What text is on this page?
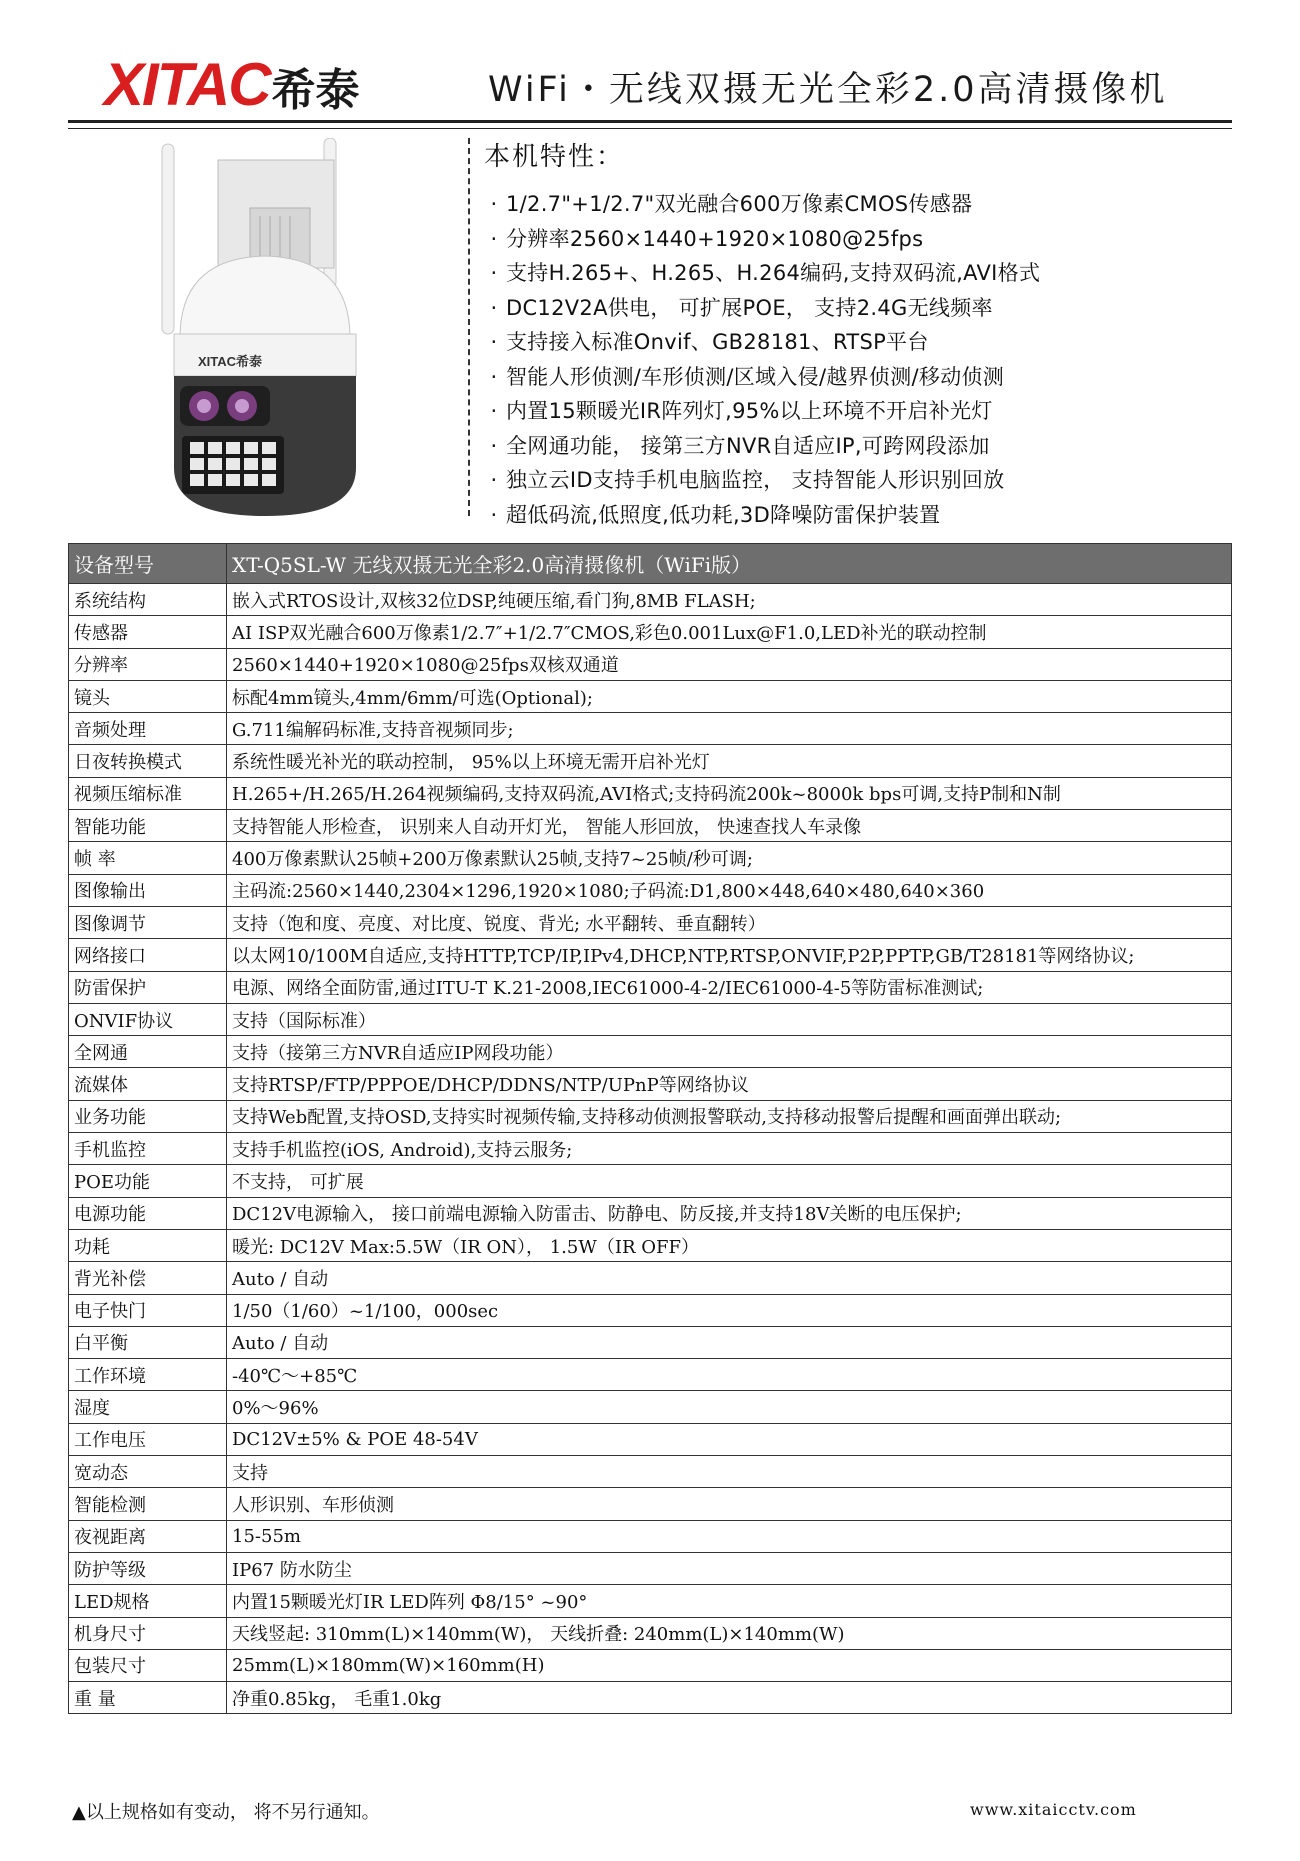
XITAC 希泰	WiFi・无线双摄无光全彩2.0高清摄像机
XITAC希泰
本机特性：
· 1/2.7"+1/2.7"双光融合600万像素CMOS传感器
· 分辨率2560×1440+1920×1080@25fps
· 支持H.265+、H.265、H.264编码,支持双码流,AVI格式
· DC12V2A供电， 可扩展POE， 支持2.4G无线频率
· 支持接入标准Onvif、GB28181、RTSP平台
· 智能人形侦测/车形侦测/区域入侵/越界侦测/移动侦测
· 内置15颗暖光IR阵列灯,95%以上环境不开启补光灯
· 全网通功能， 接第三方NVR自适应IP,可跨网段添加
· 独立云ID支持手机电脑监控， 支持智能人形识别回放
· 超低码流,低照度,低功耗,3D降噪防雷保护装置
设备型号	XT-Q5SL-W 无线双摄无光全彩2.0高清摄像机（WiFi版）
系统结构	嵌入式RTOS设计,双核32位DSP,纯硬压缩,看门狗,8MB FLASH;
传感器	AI ISP双光融合600万像素1/2.7″+1/2.7″CMOS,彩色0.001Lux@F1.0,LED补光的联动控制
分辨率	2560×1440+1920×1080@25fps双核双通道
镜头	标配4mm镜头,4mm/6mm/可选(Optional);
音频处理	G.711编解码标准,支持音视频同步;
日夜转换模式	系统性暖光补光的联动控制， 95%以上环境无需开启补光灯
视频压缩标准	H.265+/H.265/H.264视频编码,支持双码流,AVI格式;支持码流200k~8000k bps可调,支持P制和N制
智能功能	支持智能人形检查， 识别来人自动开灯光， 智能人形回放， 快速查找人车录像
帧 率	400万像素默认25帧+200万像素默认25帧,支持7~25帧/秒可调;
图像输出	主码流:2560×1440,2304×1296,1920×1080;子码流:D1,800×448,640×480,640×360
图像调节	支持（饱和度、亮度、对比度、锐度、背光; 水平翻转、垂直翻转）
网络接口	以太网10/100M自适应,支持HTTP,TCP/IP,IPv4,DHCP,NTP,RTSP,ONVIF,P2P,PPTP,GB/T28181等网络协议;
防雷保护	电源、网络全面防雷,通过ITU-T K.21-2008,IEC61000-4-2/IEC61000-4-5等防雷标准测试;
ONVIF协议	支持（国际标准）
全网通	支持（接第三方NVR自适应IP网段功能）
流媒体	支持RTSP/FTP/PPPOE/DHCP/DDNS/NTP/UPnP等网络协议
业务功能	支持Web配置,支持OSD,支持实时视频传输,支持移动侦测报警联动,支持移动报警后提醒和画面弹出联动;
手机监控	支持手机监控(iOS, Android),支持云服务;
POE功能	不支持， 可扩展
电源功能	DC12V电源输入， 接口前端电源输入防雷击、防静电、防反接,并支持18V关断的电压保护;
功耗	暖光: DC12V Max:5.5W（IR ON）， 1.5W（IR OFF）
背光补偿	Auto / 自动
电子快门	1/50（1/60）~1/100，000sec
白平衡	Auto / 自动
工作环境	-40℃～+85℃
湿度	0%～96%
工作电压	DC12V±5% & POE 48-54V
宽动态	支持
智能检测	人形识别、车形侦测
夜视距离	15-55m
防护等级	IP67 防水防尘
LED规格	内置15颗暖光灯IR LED阵列 Φ8/15° ~90°
机身尺寸	天线竖起: 310mm(L)×140mm(W)， 天线折叠: 240mm(L)×140mm(W)
包装尺寸	25mm(L)×180mm(W)×160mm(H)
重 量	净重0.85kg， 毛重1.0kg
▲以上规格如有变动， 将不另行通知。	www.xitaicctv.com
